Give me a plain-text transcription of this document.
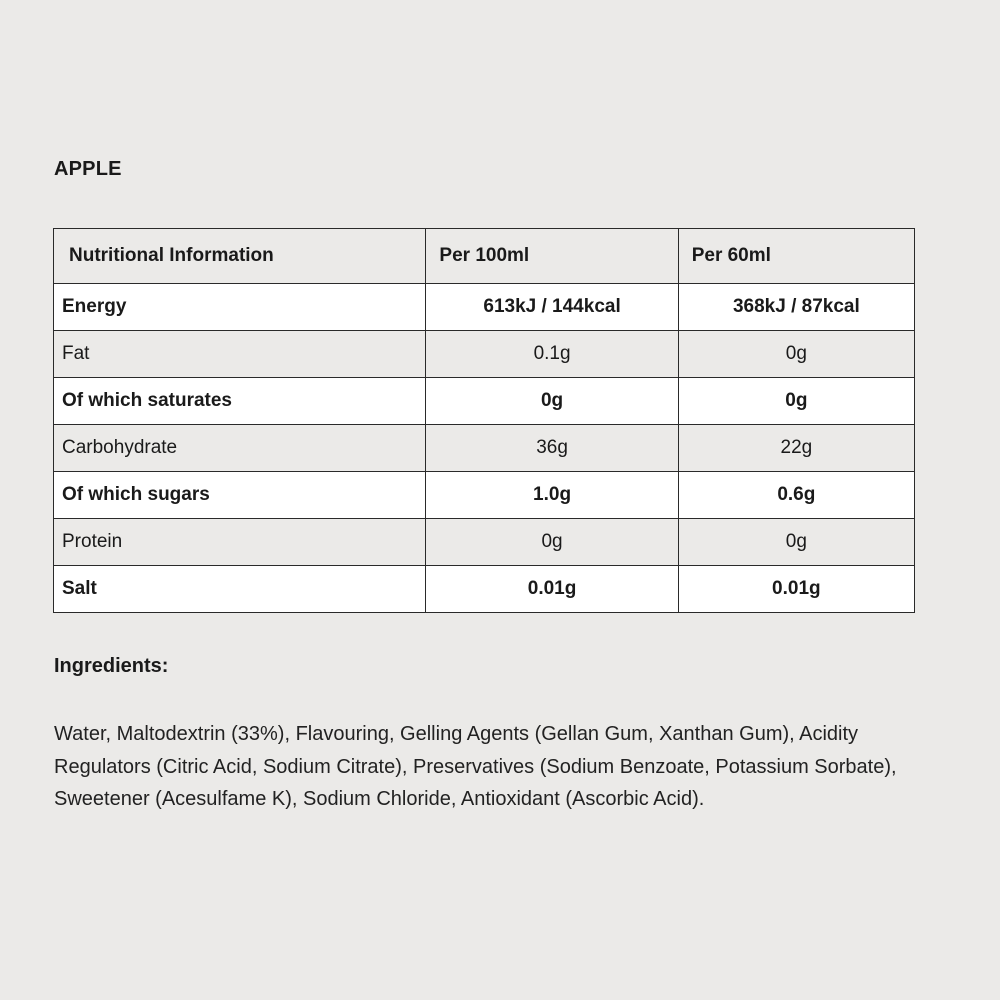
APPLE
Nutritional Information	Per 100ml	Per 60ml
Energy	613kJ / 144kcal	368kJ / 87kcal
Fat	0.1g	0g
Of which saturates	0g	0g
Carbohydrate	36g	22g
Of which sugars	1.0g	0.6g
Protein	0g	0g
Salt	0.01g	0.01g
Ingredients:
Water, Maltodextrin (33%), Flavouring, Gelling Agents (Gellan Gum, Xanthan Gum), Acidity Regulators (Citric Acid, Sodium Citrate), Preservatives (Sodium Benzoate, Potassium Sorbate), Sweetener (Acesulfame K), Sodium Chloride, Antioxidant (Ascorbic Acid).
